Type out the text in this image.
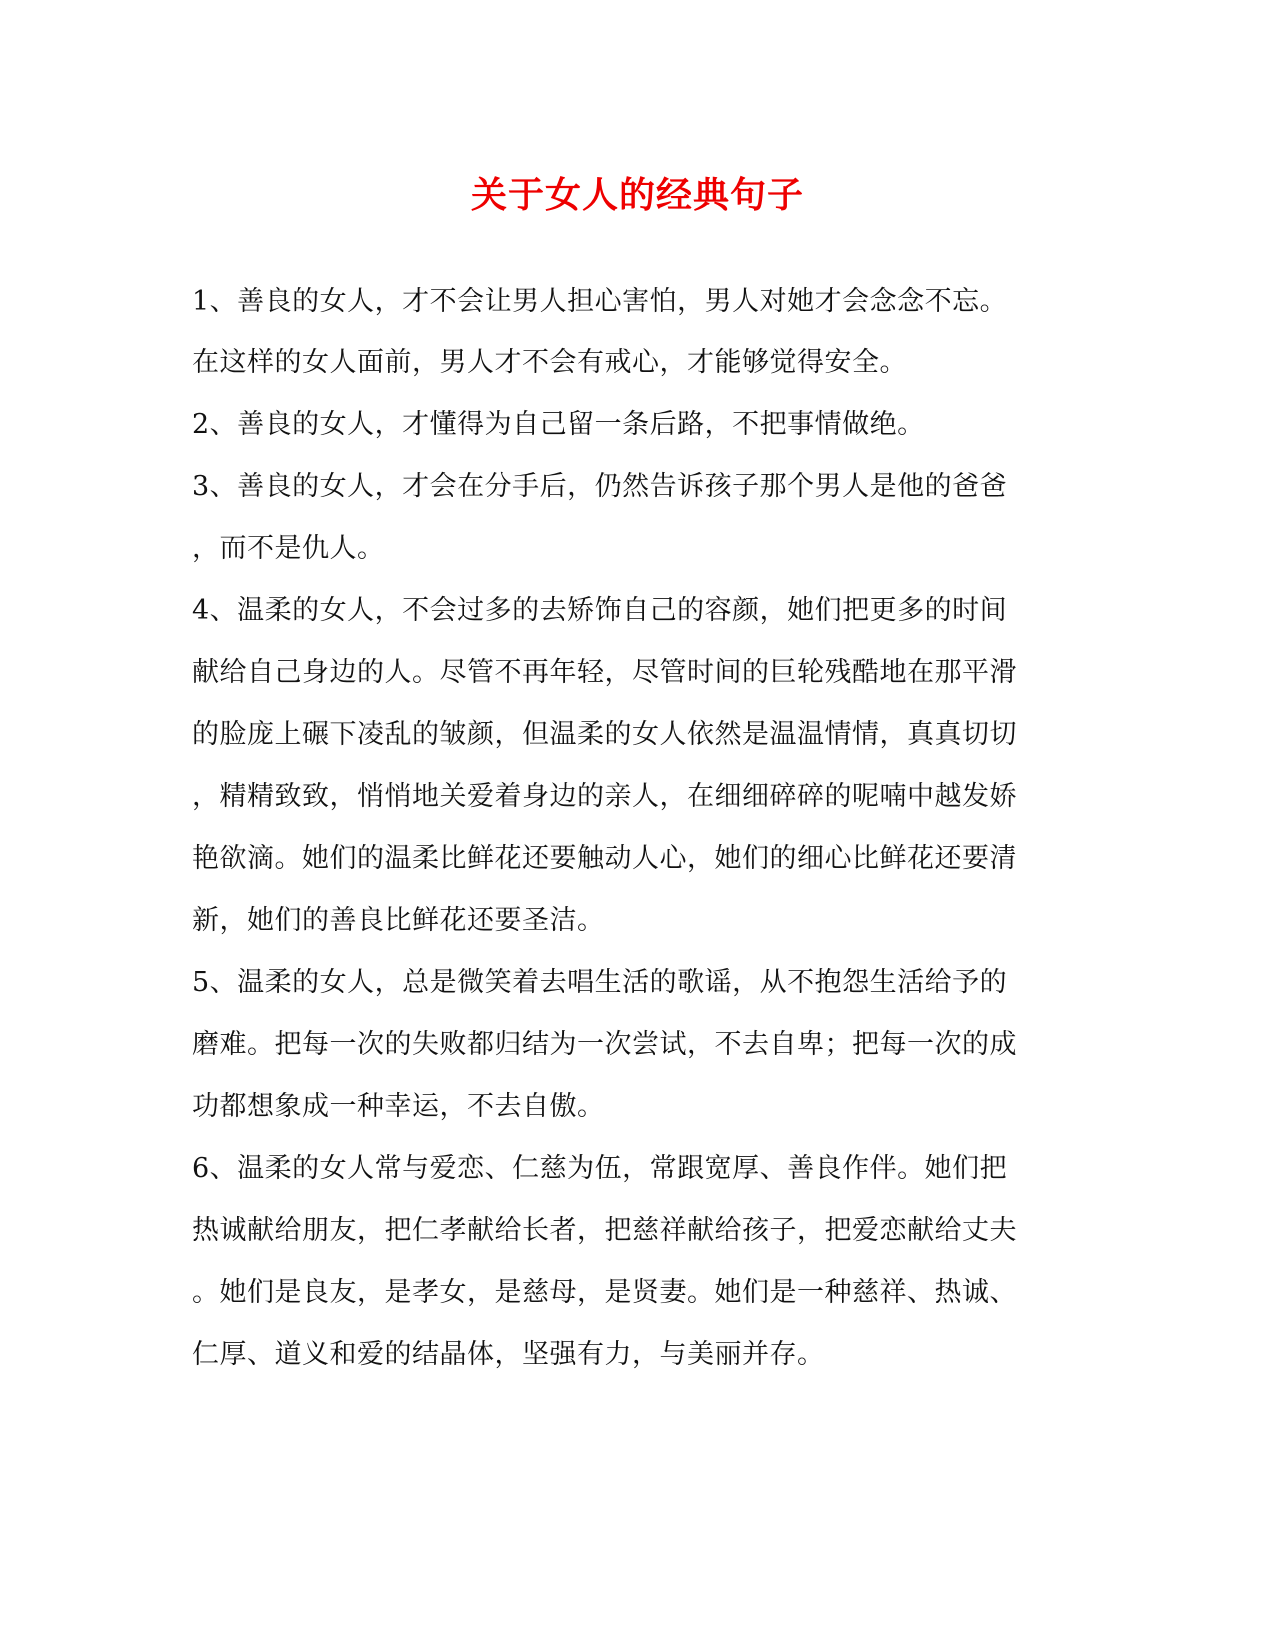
关于女人的经典句子
1、善良的女人，才不会让男人担心害怕，男人对她才会念念不忘。
在这样的女人面前，男人才不会有戒心，才能够觉得安全。
2、善良的女人，才懂得为自己留一条后路，不把事情做绝。
3、善良的女人，才会在分手后，仍然告诉孩子那个男人是他的爸爸
，而不是仇人。
4、温柔的女人，不会过多的去矫饰自己的容颜，她们把更多的时间
献给自己身边的人。尽管不再年轻，尽管时间的巨轮残酷地在那平滑
的脸庞上碾下凌乱的皱颜，但温柔的女人依然是温温情情，真真切切
，精精致致，悄悄地关爱着身边的亲人，在细细碎碎的呢喃中越发娇
艳欲滴。她们的温柔比鲜花还要触动人心，她们的细心比鲜花还要清
新，她们的善良比鲜花还要圣洁。
5、温柔的女人，总是微笑着去唱生活的歌谣，从不抱怨生活给予的
磨难。把每一次的失败都归结为一次尝试，不去自卑；把每一次的成
功都想象成一种幸运，不去自傲。
6、温柔的女人常与爱恋、仁慈为伍，常跟宽厚、善良作伴。她们把
热诚献给朋友，把仁孝献给长者，把慈祥献给孩子，把爱恋献给丈夫
。她们是良友，是孝女，是慈母，是贤妻。她们是一种慈祥、热诚、
仁厚、道义和爱的结晶体，坚强有力，与美丽并存。
